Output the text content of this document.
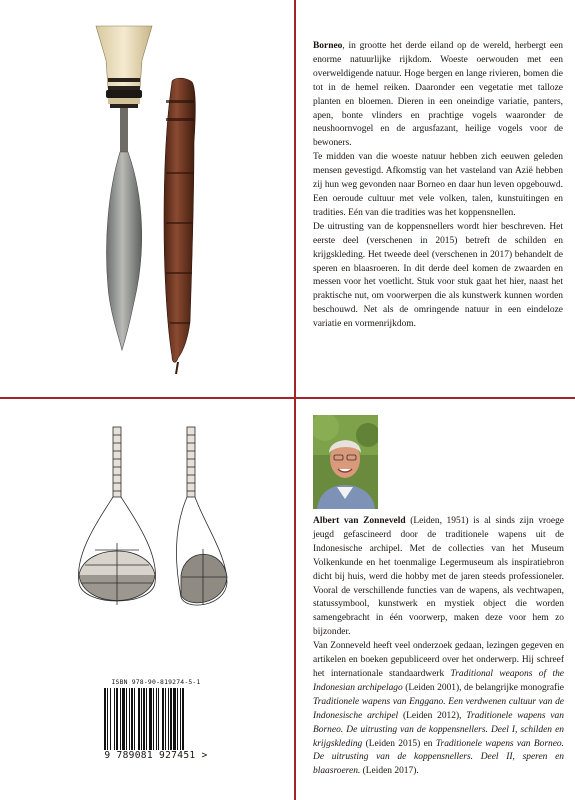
Borneo, in grootte het derde eiland op de wereld, herbergt een enorme natuurlijke rijkdom. Woeste oerwouden met een overweldigende natuur. Hoge bergen en lange rivieren, bomen die tot in de hemel reiken. Daaronder een vegetatie met talloze planten en bloemen. Dieren in een oneindige variatie, panters, apen, bonte vlinders en prachtige vogels waaronder de neushoornvogel en de argusfazant, heilige vogels voor de bewoners.

Te midden van die woeste natuur hebben zich eeuwen geleden mensen gevestigd. Afkomstig van het vasteland van Azië hebben zij hun weg gevonden naar Borneo en daar hun leven opgebouwd. Een oeroude cultuur met vele volken, talen, kunstuitingen en tradities. Eén van die tradities was het koppensnellen.

De uitrusting van de koppensnellers wordt hier beschreven. Het eerste deel (verschenen in 2015) betreft de schilden en krijgskleding. Het tweede deel (verschenen in 2017) behandelt de speren en blaasroeren. In dit derde deel komen de zwaarden en messen voor het voetlicht. Stuk voor stuk gaat het hier, naast het praktische nut, om voorwerpen die als kunstwerk kunnen worden beschouwd. Net als de omringende natuur in een eindeloze variatie en vormenrijkdom.

Albert van Zonneveld (Leiden, 1951) is al sinds zijn vroege jeugd gefascineerd door de traditionele wapens uit de Indonesische archipel. Met de collecties van het Museum Volkenkunde en het toenmalige Legermuseum als inspiratiebron dicht bij huis, werd die hobby met de jaren steeds professioneler. Vooral de verschillende functies van de wapens, als vechtwapen, statussymbool, kunstwerk en mystiek object die worden samengebracht in één voorwerp, maken deze voor hem zo bijzonder.

Van Zonneveld heeft veel onderzoek gedaan, lezingen gegeven en artikelen en boeken gepubliceerd over het onderwerp. Hij schreef het internationale standaardwerk Traditional weapons of the Indonesian archipelago (Leiden 2001), de belangrijke monografie Traditionele wapens van Enggano. Een verdwenen cultuur van de Indonesische archipel (Leiden 2012), Traditionele wapens van Borneo. De uitrusting van de koppensnellers. Deel I, schilden en krijgskleding (Leiden 2015) en Traditionele wapens van Borneo. De uitrusting van de koppensnellers. Deel II, speren en blaasroeren. (Leiden 2017).

ISBN 978-90-819274-5-1
9 789081 927451 >
